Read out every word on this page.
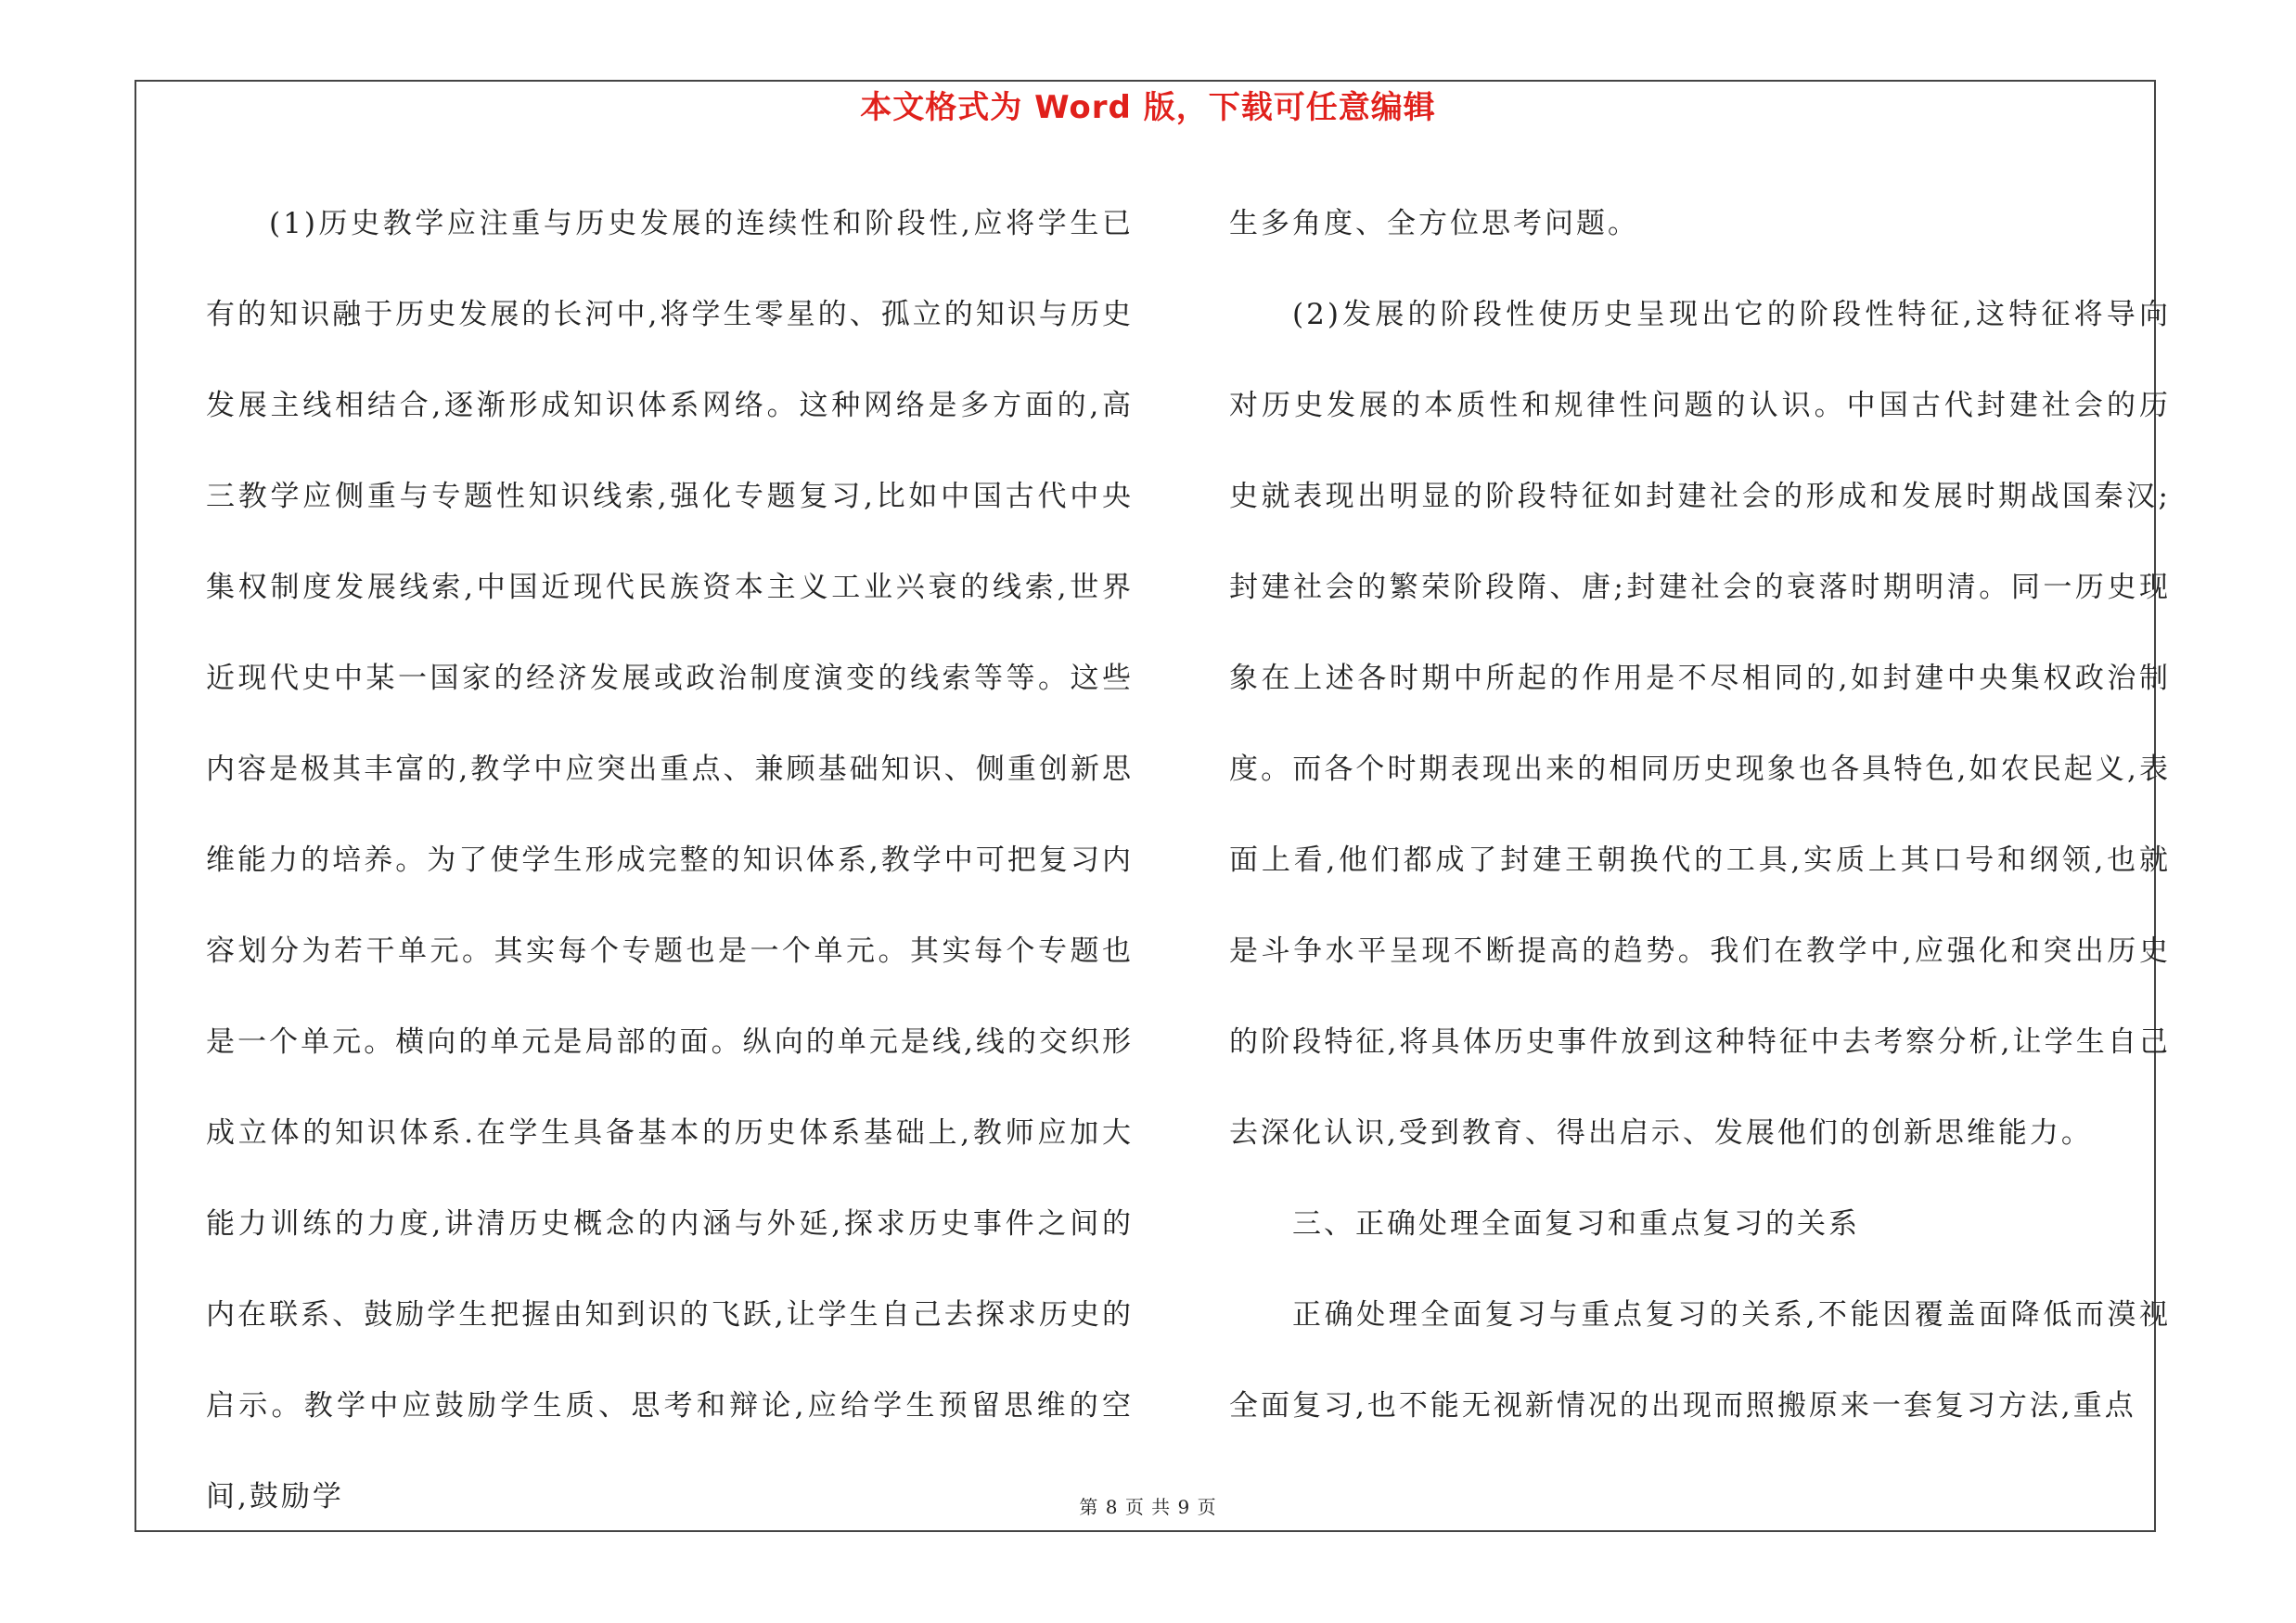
本文格式为 Word 版，下载可任意编辑

(1)历史教学应注重与历史发展的连续性和阶段性,应将学生已有的知识融于历史发展的长河中,将学生零星的、孤立的知识与历史发展主线相结合,逐渐形成知识体系网络。这种网络是多方面的,高三教学应侧重与专题性知识线索,强化专题复习,比如中国古代中央集权制度发展线索,中国近现代民族资本主义工业兴衰的线索,世界近现代史中某一国家的经济发展或政治制度演变的线索等等。这些内容是极其丰富的,教学中应突出重点、兼顾基础知识、侧重创新思维能力的培养。为了使学生形成完整的知识体系,教学中可把复习内容划分为若干单元。其实每个专题也是一个单元。其实每个专题也是一个单元。横向的单元是局部的面。纵向的单元是线,线的交织形成立体的知识体系.在学生具备基本的历史体系基础上,教师应加大能力训练的力度,讲清历史概念的内涵与外延,探求历史事件之间的内在联系、鼓励学生把握由知到识的飞跃,让学生自己去探求历史的启示。教学中应鼓励学生质、思考和辩论,应给学生预留思维的空间,鼓励学

生多角度、全方位思考问题。

(2)发展的阶段性使历史呈现出它的阶段性特征,这特征将导向对历史发展的本质性和规律性问题的认识。中国古代封建社会的历史就表现出明显的阶段特征如封建社会的形成和发展时期战国秦汉;封建社会的繁荣阶段隋、唐;封建社会的衰落时期明清。同一历史现象在上述各时期中所起的作用是不尽相同的,如封建中央集权政治制度。而各个时期表现出来的相同历史现象也各具特色,如农民起义,表面上看,他们都成了封建王朝换代的工具,实质上其口号和纲领,也就是斗争水平呈现不断提高的趋势。我们在教学中,应强化和突出历史的阶段特征,将具体历史事件放到这种特征中去考察分析,让学生自己去深化认识,受到教育、得出启示、发展他们的创新思维能力。

三、正确处理全面复习和重点复习的关系

正确处理全面复习与重点复习的关系,不能因覆盖面降低而漠视全面复习,也不能无视新情况的出现而照搬原来一套复习方法,重点

第 8 页 共 9 页
